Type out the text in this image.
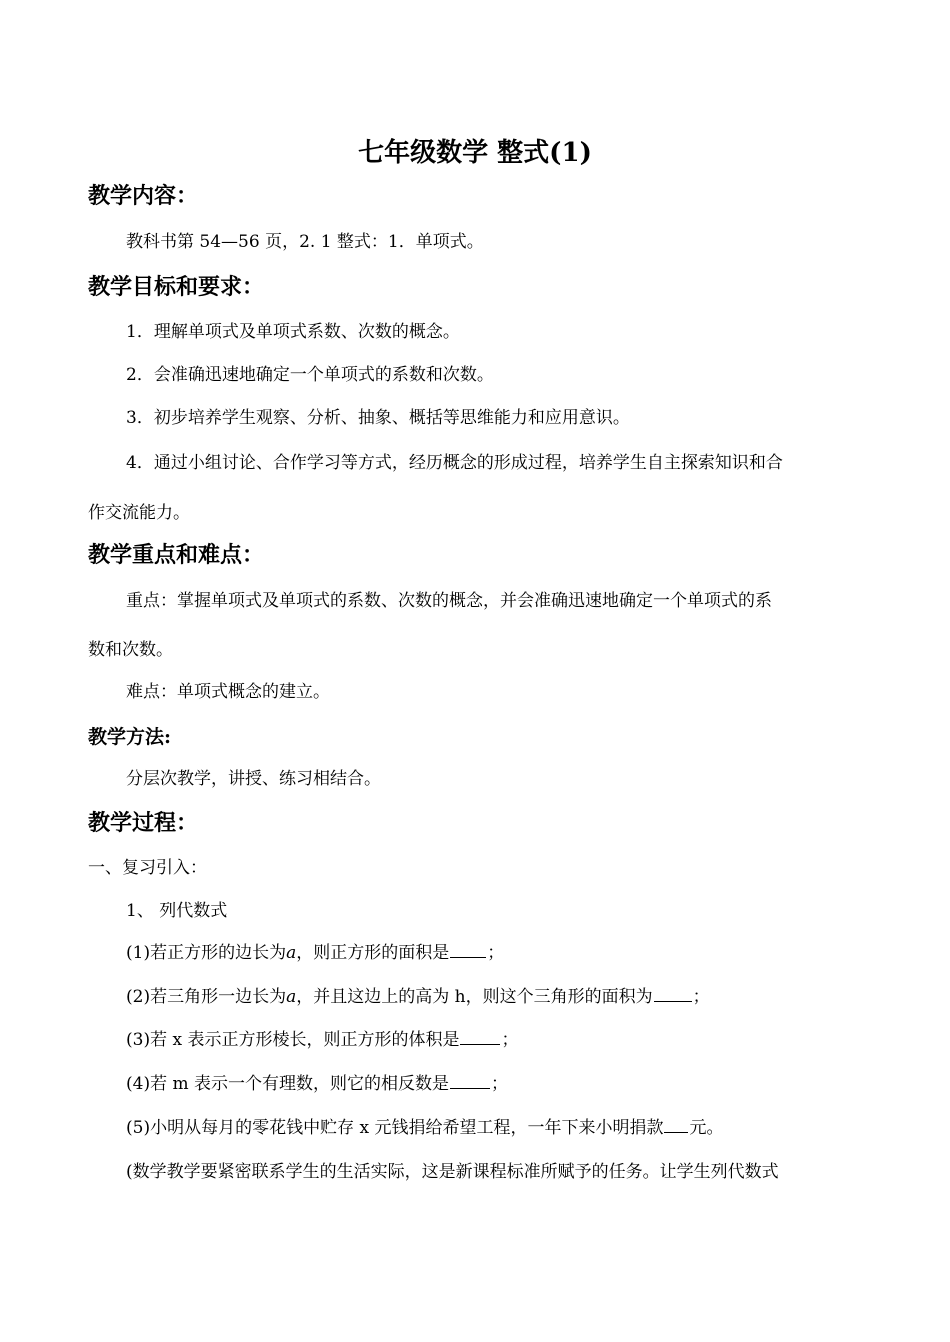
七年级数学 整式(1)
教学内容：
教科书第 54—56 页，2. 1 整式：1．单项式。
教学目标和要求：
1．理解单项式及单项式系数、次数的概念。
2．会准确迅速地确定一个单项式的系数和次数。
3．初步培养学生观察、分析、抽象、概括等思维能力和应用意识。
4．通过小组讨论、合作学习等方式，经历概念的形成过程，培养学生自主探索知识和合
作交流能力。
教学重点和难点：
重点：掌握单项式及单项式的系数、次数的概念，并会准确迅速地确定一个单项式的系
数和次数。
难点：单项式概念的建立。
教学方法:
分层次教学，讲授、练习相结合。
教学过程：
一、复习引入：
1、 列代数式
(1)若正方形的边长为a，则正方形的面积是 ；
(2)若三角形一边长为a，并且这边上的高为 h，则这个三角形的面积为 ；
(3)若 x 表示正方形棱长，则正方形的体积是 ；
(4)若 m 表示一个有理数，则它的相反数是 ；
(5)小明从每月的零花钱中贮存 x 元钱捐给希望工程，一年下来小明捐款 元。
(数学教学要紧密联系学生的生活实际，这是新课程标准所赋予的任务。让学生列代数式
